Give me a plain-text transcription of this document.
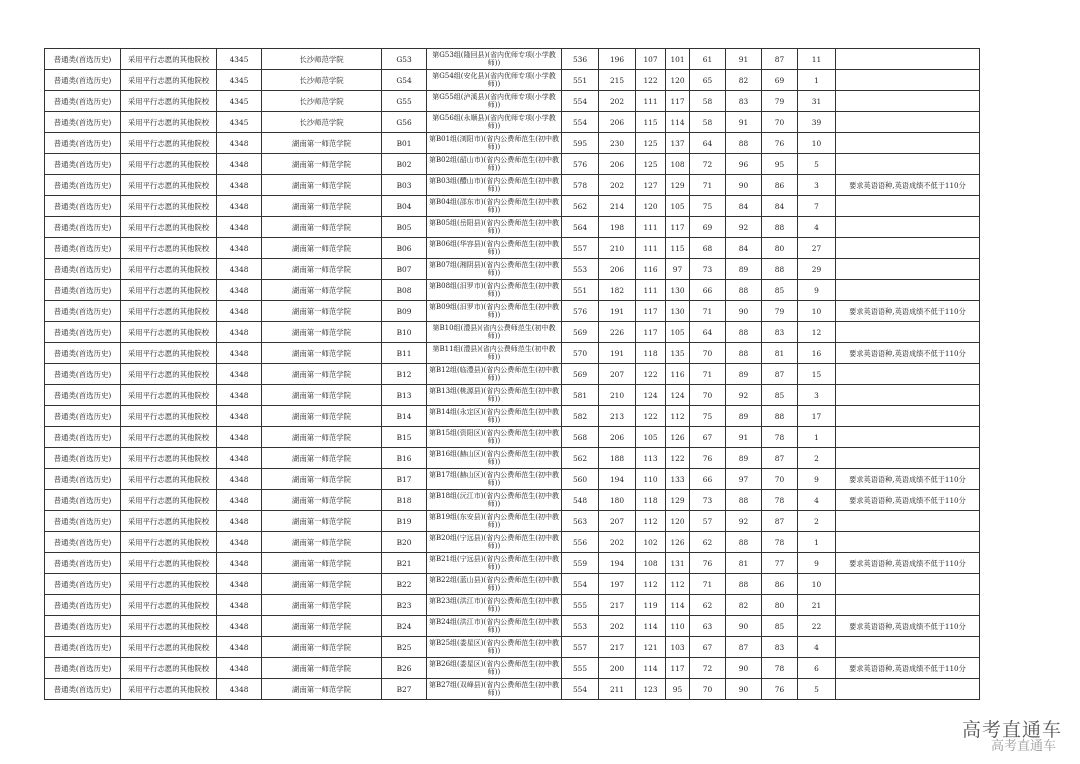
普通类(首选历史)	采用平行志愿的其他院校	4345	长沙师范学院	G53	第G53组(隆回县)(省内优师专项(小学教师))	536	196	107	101	61	91	87	11	
普通类(首选历史)	采用平行志愿的其他院校	4345	长沙师范学院	G54	第G54组(安化县)(省内优师专项(小学教师))	551	215	122	120	65	82	69	1	
普通类(首选历史)	采用平行志愿的其他院校	4345	长沙师范学院	G55	第G55组(泸溪县)(省内优师专项(小学教师))	554	202	111	117	58	83	79	31	
普通类(首选历史)	采用平行志愿的其他院校	4345	长沙师范学院	G56	第G56组(永顺县)(省内优师专项(小学教师))	554	206	115	114	58	91	70	39	
普通类(首选历史)	采用平行志愿的其他院校	4348	湖南第一师范学院	B01	第B01组(浏阳市)(省内公费师范生(初中教师))	595	230	125	137	64	88	76	10	
普通类(首选历史)	采用平行志愿的其他院校	4348	湖南第一师范学院	B02	第B02组(韶山市)(省内公费师范生(初中教师))	576	206	125	108	72	96	95	5	
普通类(首选历史)	采用平行志愿的其他院校	4348	湖南第一师范学院	B03	第B03组(醴山市)(省内公费师范生(初中教师))	578	202	127	129	71	90	86	3	要求英语语种,英语成绩不低于110分
普通类(首选历史)	采用平行志愿的其他院校	4348	湖南第一师范学院	B04	第B04组(邵东市)(省内公费师范生(初中教师))	562	214	120	105	75	84	84	7	
普通类(首选历史)	采用平行志愿的其他院校	4348	湖南第一师范学院	B05	第B05组(岳阳县)(省内公费师范生(初中教师))	564	198	111	117	69	92	88	4	
普通类(首选历史)	采用平行志愿的其他院校	4348	湖南第一师范学院	B06	第B06组(华容县)(省内公费师范生(初中教师))	557	210	111	115	68	84	80	27	
普通类(首选历史)	采用平行志愿的其他院校	4348	湖南第一师范学院	B07	第B07组(湘阴县)(省内公费师范生(初中教师))	553	206	116	97	73	89	88	29	
普通类(首选历史)	采用平行志愿的其他院校	4348	湖南第一师范学院	B08	第B08组(汨罗市)(省内公费师范生(初中教师))	551	182	111	130	66	88	85	9	
普通类(首选历史)	采用平行志愿的其他院校	4348	湖南第一师范学院	B09	第B09组(汨罗市)(省内公费师范生(初中教师))	576	191	117	130	71	90	79	10	要求英语语种,英语成绩不低于110分
普通类(首选历史)	采用平行志愿的其他院校	4348	湖南第一师范学院	B10	第B10组(澧县)(省内公费师范生(初中教师))	569	226	117	105	64	88	83	12	
普通类(首选历史)	采用平行志愿的其他院校	4348	湖南第一师范学院	B11	第B11组(澧县)(省内公费师范生(初中教师))	570	191	118	135	70	88	81	16	要求英语语种,英语成绩不低于110分
普通类(首选历史)	采用平行志愿的其他院校	4348	湖南第一师范学院	B12	第B12组(临澧县)(省内公费师范生(初中教师))	569	207	122	116	71	89	87	15	
普通类(首选历史)	采用平行志愿的其他院校	4348	湖南第一师范学院	B13	第B13组(桃源县)(省内公费师范生(初中教师))	581	210	124	124	70	92	85	3	
普通类(首选历史)	采用平行志愿的其他院校	4348	湖南第一师范学院	B14	第B14组(永定区)(省内公费师范生(初中教师))	582	213	122	112	75	89	88	17	
普通类(首选历史)	采用平行志愿的其他院校	4348	湖南第一师范学院	B15	第B15组(资阳区)(省内公费师范生(初中教师))	568	206	105	126	67	91	78	1	
普通类(首选历史)	采用平行志愿的其他院校	4348	湖南第一师范学院	B16	第B16组(赫山区)(省内公费师范生(初中教师))	562	188	113	122	76	89	87	2	
普通类(首选历史)	采用平行志愿的其他院校	4348	湖南第一师范学院	B17	第B17组(赫山区)(省内公费师范生(初中教师))	560	194	110	133	66	97	70	9	要求英语语种,英语成绩不低于110分
普通类(首选历史)	采用平行志愿的其他院校	4348	湖南第一师范学院	B18	第B18组(沅江市)(省内公费师范生(初中教师))	548	180	118	129	73	88	78	4	要求英语语种,英语成绩不低于110分
普通类(首选历史)	采用平行志愿的其他院校	4348	湖南第一师范学院	B19	第B19组(东安县)(省内公费师范生(初中教师))	563	207	112	120	57	92	87	2	
普通类(首选历史)	采用平行志愿的其他院校	4348	湖南第一师范学院	B20	第B20组(宁远县)(省内公费师范生(初中教师))	556	202	102	126	62	88	78	1	
普通类(首选历史)	采用平行志愿的其他院校	4348	湖南第一师范学院	B21	第B21组(宁远县)(省内公费师范生(初中教师))	559	194	108	131	76	81	77	9	要求英语语种,英语成绩不低于110分
普通类(首选历史)	采用平行志愿的其他院校	4348	湖南第一师范学院	B22	第B22组(蓝山县)(省内公费师范生(初中教师))	554	197	112	112	71	88	86	10	
普通类(首选历史)	采用平行志愿的其他院校	4348	湖南第一师范学院	B23	第B23组(洪江市)(省内公费师范生(初中教师))	555	217	119	114	62	82	80	21	
普通类(首选历史)	采用平行志愿的其他院校	4348	湖南第一师范学院	B24	第B24组(洪江市)(省内公费师范生(初中教师))	553	202	114	110	63	90	85	22	要求英语语种,英语成绩不低于110分
普通类(首选历史)	采用平行志愿的其他院校	4348	湖南第一师范学院	B25	第B25组(娄星区)(省内公费师范生(初中教师))	557	217	121	103	67	87	83	4	
普通类(首选历史)	采用平行志愿的其他院校	4348	湖南第一师范学院	B26	第B26组(娄星区)(省内公费师范生(初中教师))	555	200	114	117	72	90	78	6	要求英语语种,英语成绩不低于110分
普通类(首选历史)	采用平行志愿的其他院校	4348	湖南第一师范学院	B27	第B27组(双峰县)(省内公费师范生(初中教师))	554	211	123	95	70	90	76	5	
高考直通车
高考直通车
